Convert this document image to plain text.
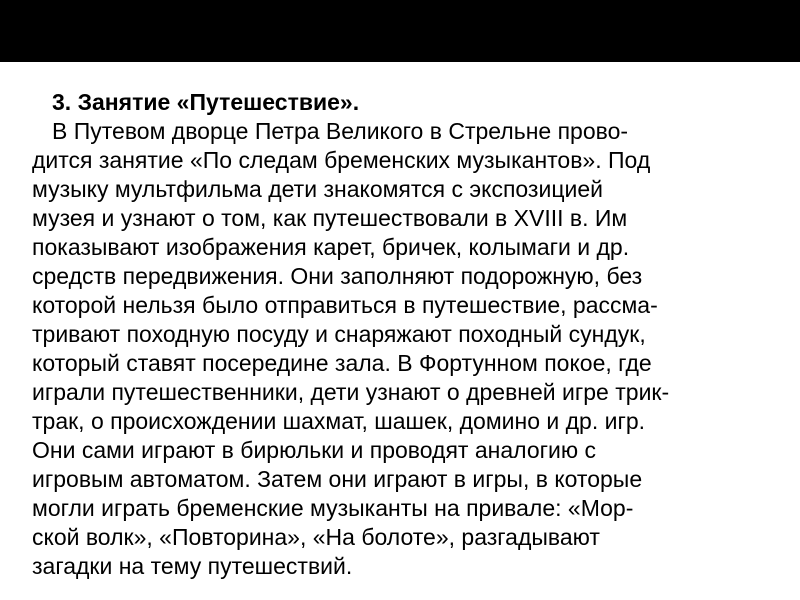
3. Занятие «Путешествие».
В Путевом дворце Петра Великого в Стрельне прово-
дится занятие «По следам бременских музыкантов». Под
музыку мультфильма дети знакомятся с экспозицией
музея и узнают о том, как путешествовали в XVIII в. Им
показывают изображения карет, бричек, колымаги и др.
средств передвижения. Они заполняют подорожную, без
которой нельзя было отправиться в путешествие, рассма-
тривают походную посуду и снаряжают походный сундук,
который ставят посередине зала. В Фортунном покое, где
играли путешественники, дети узнают о древней игре трик-
трак, о происхождении шахмат, шашек, домино и др. игр.
Они сами играют в бирюльки и проводят аналогию с
игровым автоматом. Затем они играют в игры, в которые
могли играть бременские музыканты на привале: «Мор-
ской волк», «Повторина», «На болоте», разгадывают
загадки на тему путешествий.
